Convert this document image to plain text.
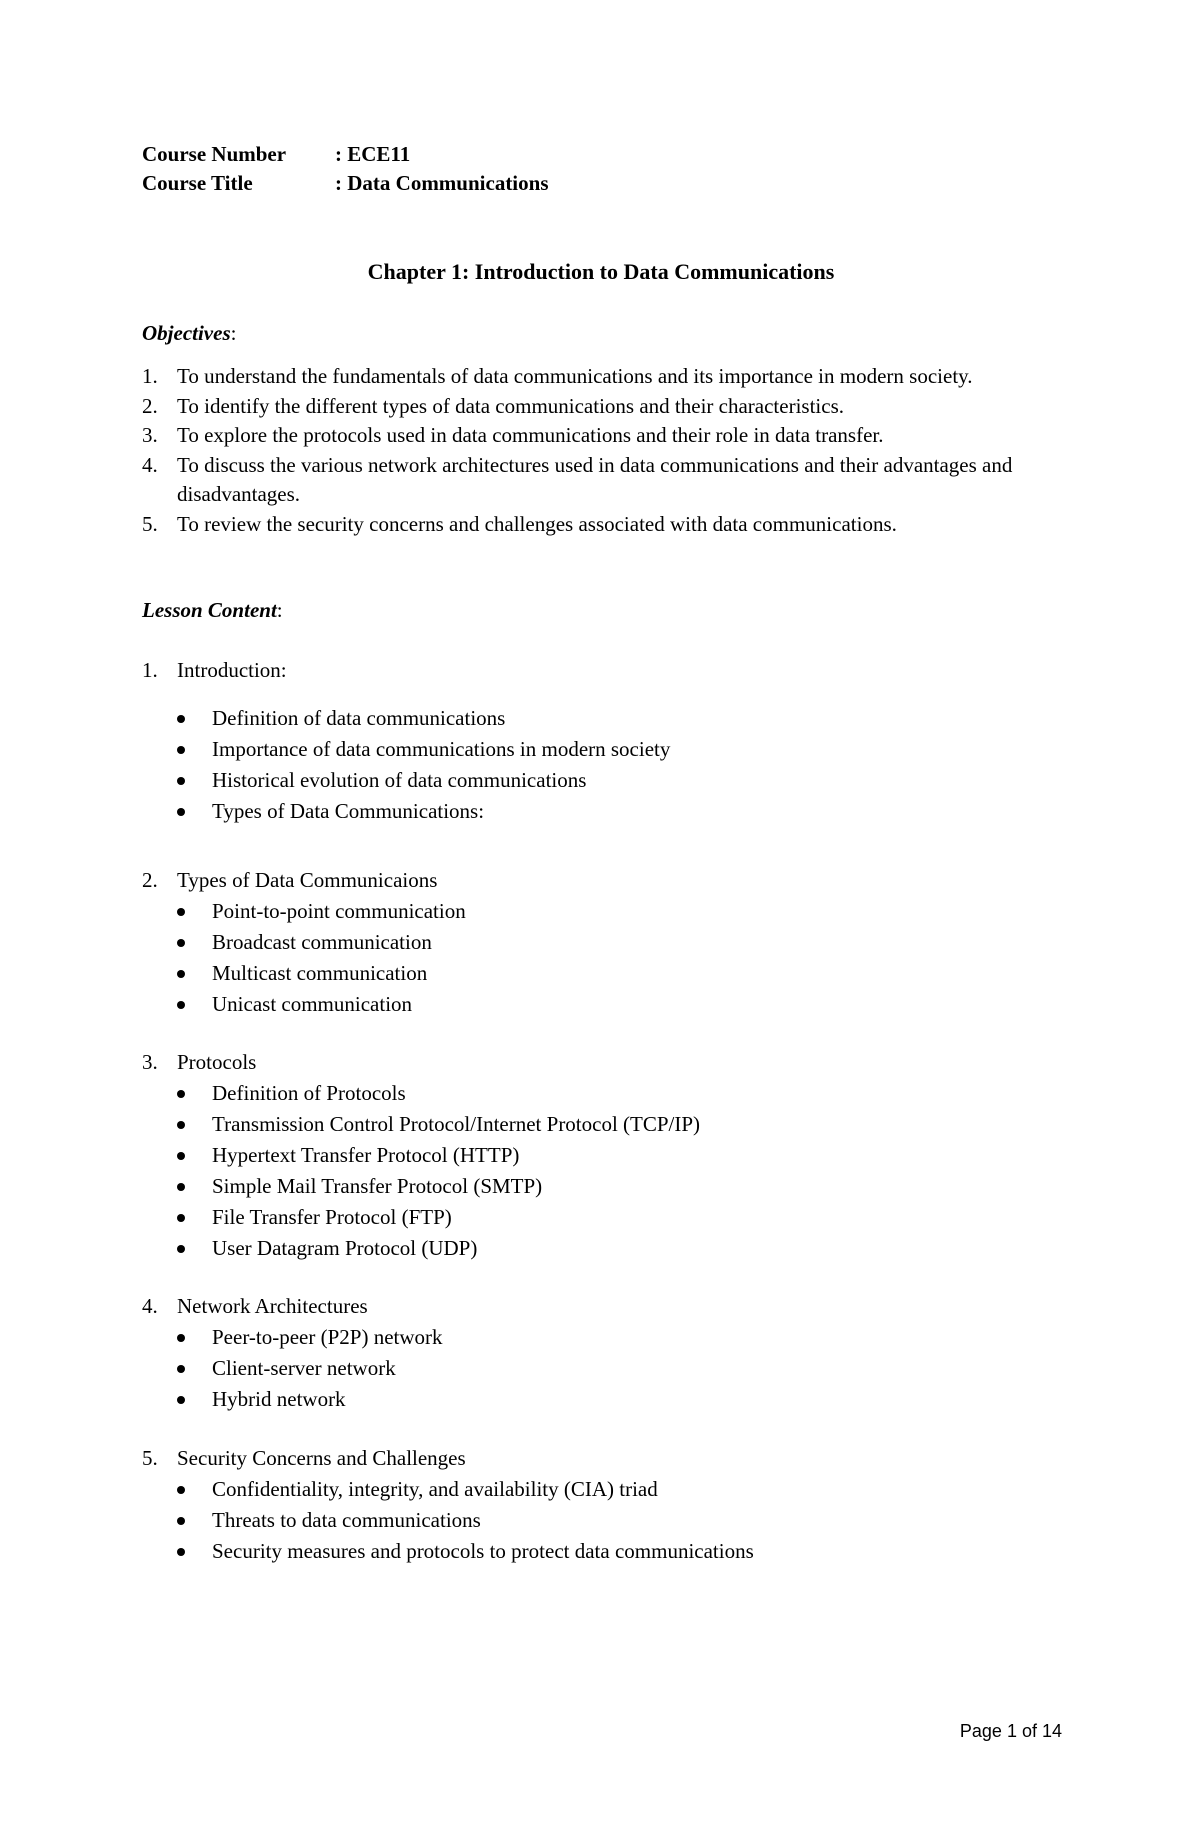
Course Number	: ECE11
Course Title	: Data Communications
Chapter 1: Introduction to Data Communications
Objectives:
1. To understand the fundamentals of data communications and its importance in modern society.
2. To identify the different types of data communications and their characteristics.
3. To explore the protocols used in data communications and their role in data transfer.
4. To discuss the various network architectures used in data communications and their advantages and disadvantages.
5. To review the security concerns and challenges associated with data communications.
Lesson Content:
1. Introduction:
Definition of data communications
Importance of data communications in modern society
Historical evolution of data communications
Types of Data Communications:
2. Types of Data Communicaions
Point-to-point communication
Broadcast communication
Multicast communication
Unicast communication
3. Protocols
Definition of Protocols
Transmission Control Protocol/Internet Protocol (TCP/IP)
Hypertext Transfer Protocol (HTTP)
Simple Mail Transfer Protocol (SMTP)
File Transfer Protocol (FTP)
User Datagram Protocol (UDP)
4. Network Architectures
Peer-to-peer (P2P) network
Client-server network
Hybrid network
5. Security Concerns and Challenges
Confidentiality, integrity, and availability (CIA) triad
Threats to data communications
Security measures and protocols to protect data communications
Page 1 of 14
